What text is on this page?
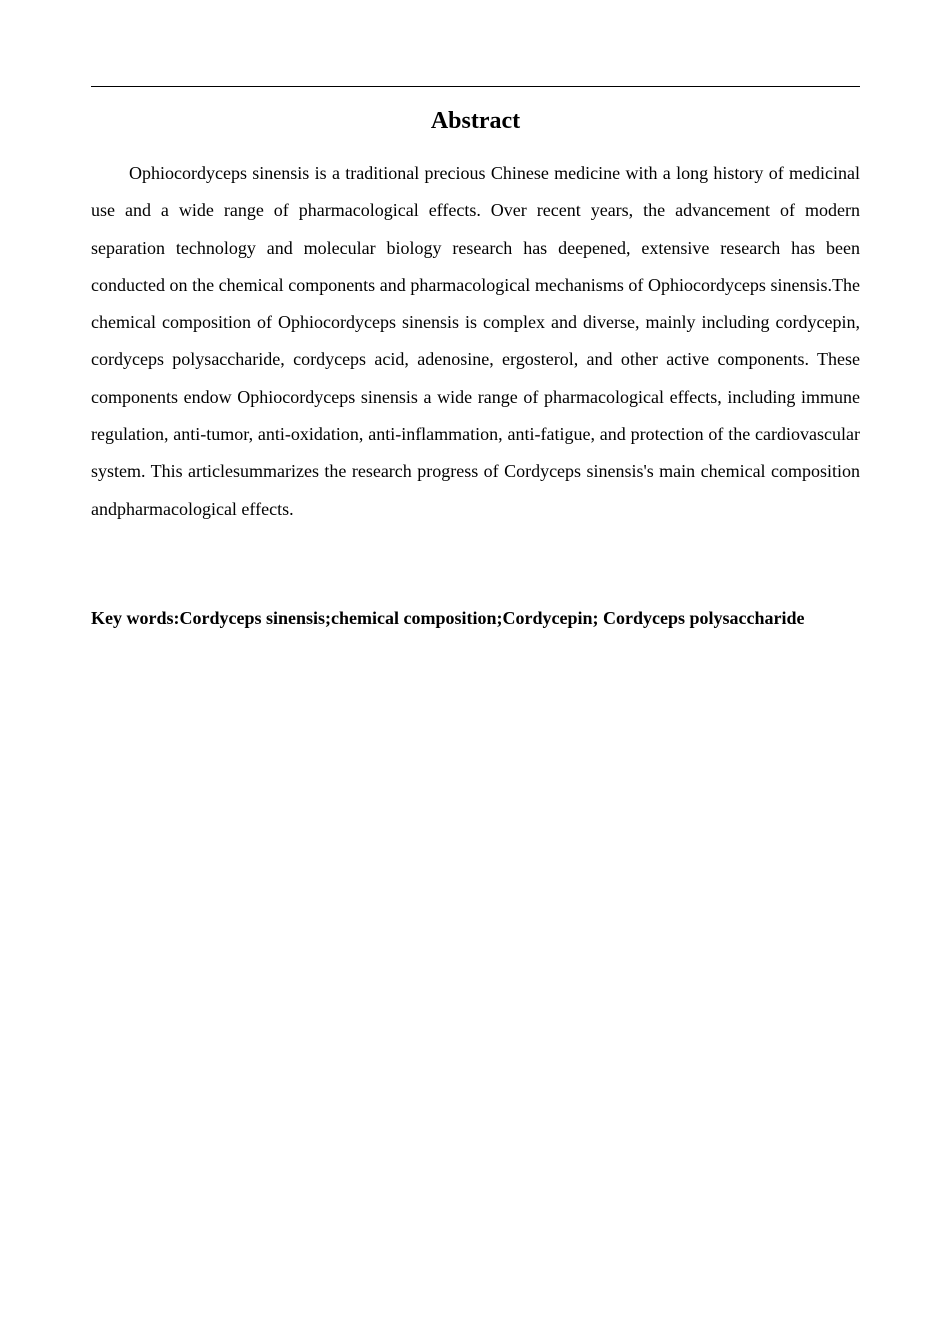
Abstract

Ophiocordyceps sinensis is a traditional precious Chinese medicine with a long history of medicinal use and a wide range of pharmacological effects. Over recent years, the advancement of modern separation technology and molecular biology research has deepened, extensive research has been conducted on the chemical components and pharmacological mechanisms of Ophiocordyceps sinensis.The chemical composition of Ophiocordyceps sinensis is complex and diverse, mainly including cordycepin, cordyceps polysaccharide, cordyceps acid, adenosine, ergosterol, and other active components. These components endow Ophiocordyceps sinensis a wide range of pharmacological effects, including immune regulation, anti-tumor, anti-oxidation, anti-inflammation, anti-fatigue, and protection of the cardiovascular system. This articlesummarizes the research progress of Cordyceps sinensis's main chemical composition andpharmacological effects.

Key words:Cordyceps sinensis;chemical composition;Cordycepin; Cordyceps polysaccharide
